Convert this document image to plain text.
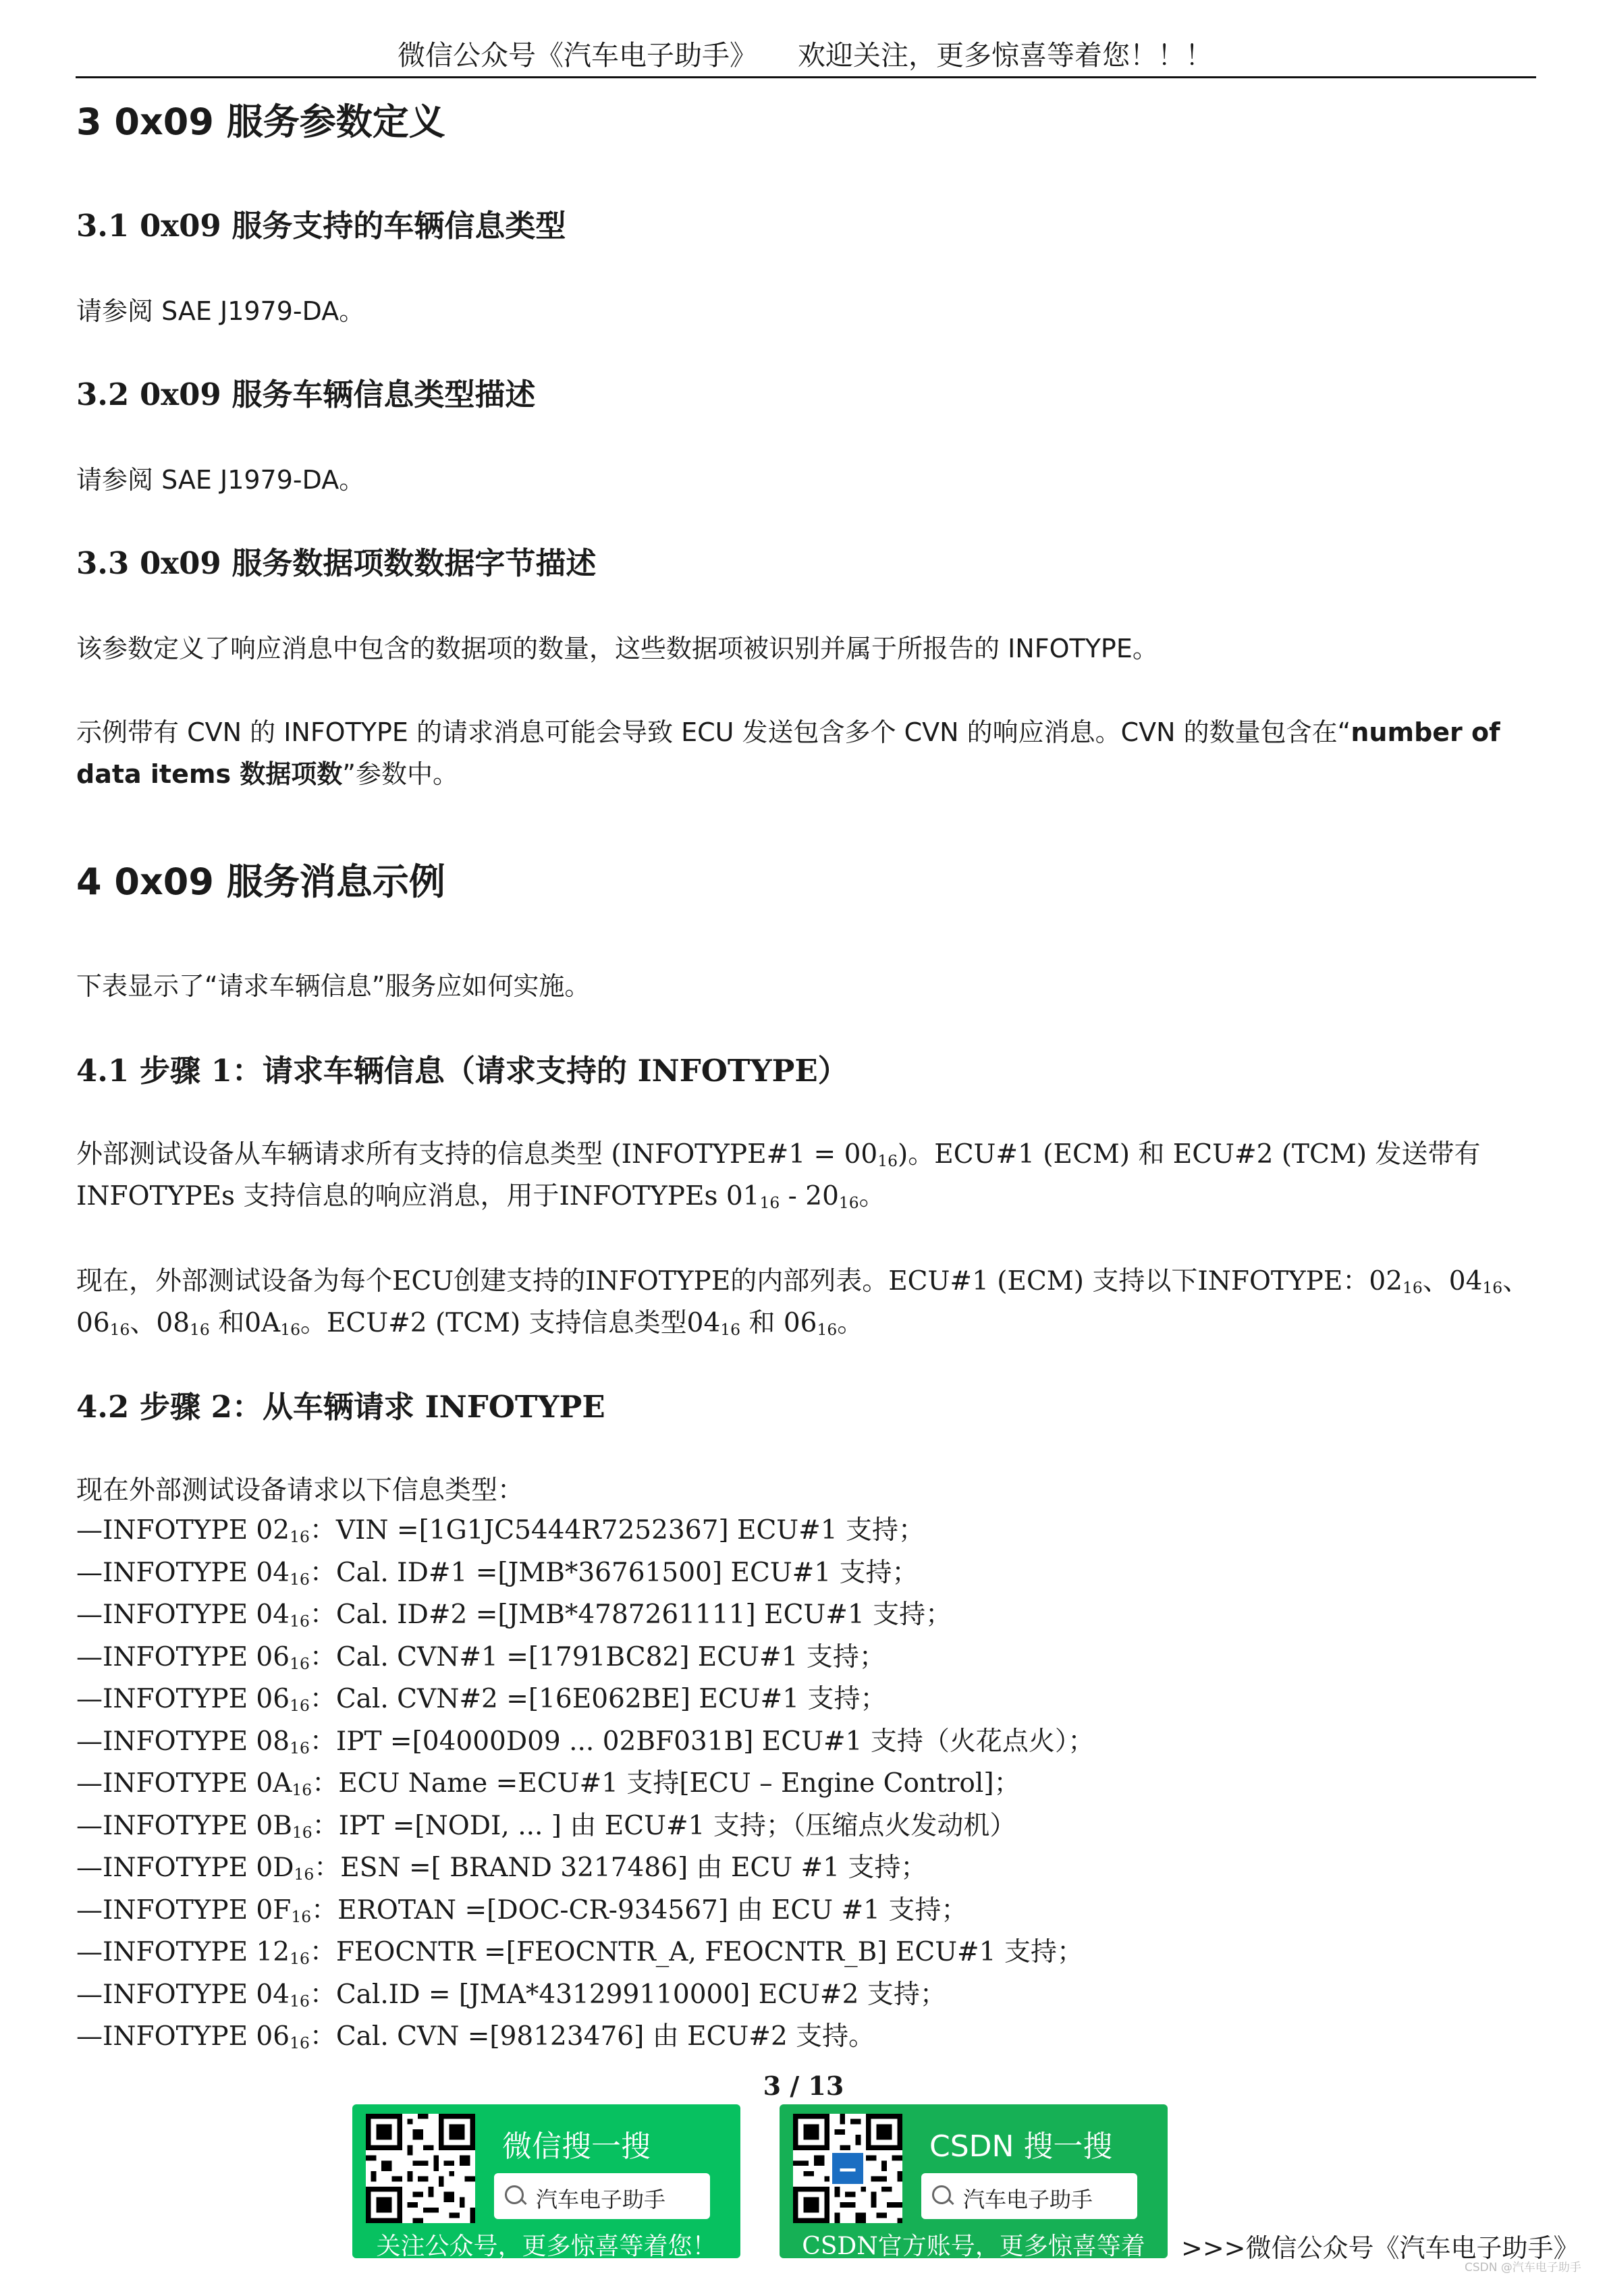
微信公众号《汽车电子助手》 欢迎关注，更多惊喜等着您！！！
3 0x09 服务参数定义
3.1 0x09 服务支持的车辆信息类型
请参阅 SAE J1979-DA。
3.2 0x09 服务车辆信息类型描述
请参阅 SAE J1979-DA。
3.3 0x09 服务数据项数数据字节描述
该参数定义了响应消息中包含的数据项的数量，这些数据项被识别并属于所报告的 INFOTYPE。
示例带有 CVN 的 INFOTYPE 的请求消息可能会导致 ECU 发送包含多个 CVN 的响应消息。CVN 的数量包含在“number of data items 数据项数”参数中。
4 0x09 服务消息示例
下表显示了“请求车辆信息”服务应如何实施。
4.1 步骤 1：请求车辆信息（请求支持的 INFOTYPE）
外部测试设备从车辆请求所有支持的信息类型 (INFOTYPE#1 = $00_{16}$)。ECU#1 (ECM) 和 ECU#2 (TCM) 发送带有
INFOTYPEs 支持信息的响应消息，用于INFOTYPEs $01_{16} - 20_{16}$。
现在，外部测试设备为每个ECU创建支持的INFOTYPE的内部列表。ECU#1 (ECM) 支持以下INFOTYPE：$02_{16}$、$04_{16}$、
$06_{16}$、$08_{16}$ 和$0A_{16}$。ECU#2 (TCM) 支持信息类型$04_{16}$ 和 $06_{16}$。
4.2 步骤 2：从车辆请求 INFOTYPE
现在外部测试设备请求以下信息类型：
—INFOTYPE $02_{16}$：VIN =[1G1JC5444R7252367] ECU#1 支持；
—INFOTYPE $04_{16}$：Cal. ID#1 =[JMB*36761500] ECU#1 支持；
—INFOTYPE $04_{16}$：Cal. ID#2 =[JMB*4787261111] ECU#1 支持；
—INFOTYPE $06_{16}$：Cal. CVN#1 =[1791BC82] ECU#1 支持；
—INFOTYPE $06_{16}$：Cal. CVN#2 =[16E062BE] ECU#1 支持；
—INFOTYPE $08_{16}$：IPT =[04000D09 ... 02BF031B] ECU#1 支持（火花点火）；
—INFOTYPE $0A_{16}$：ECU Name =ECU#1 支持[ECU – Engine Control]；
—INFOTYPE $0B_{16}$：IPT =[NODI, ... ] 由 ECU#1 支持；（压缩点火发动机）
—INFOTYPE $0D_{16}$：ESN =[ BRAND 3217486] 由 ECU #1 支持；
—INFOTYPE $0F_{16}$：EROTAN =[DOC-CR-934567] 由 ECU #1 支持；
—INFOTYPE $12_{16}$：FEOCNTR =[FEOCNTR_A, FEOCNTR_B] ECU#1 支持；
—INFOTYPE $04_{16}$：Cal.ID = [JMA*431299110000] ECU#2 支持；
—INFOTYPE $06_{16}$：Cal. CVN =[98123476] 由 ECU#2 支持。
3 / 13
微信搜一搜
汽车电子助手
关注公众号，更多惊喜等着您！
CSDN 搜一搜
汽车电子助手
CSDN官方账号，更多惊喜等着您！
>>>微信公众号《汽车电子助手》
CSDN @汽车电子助手
